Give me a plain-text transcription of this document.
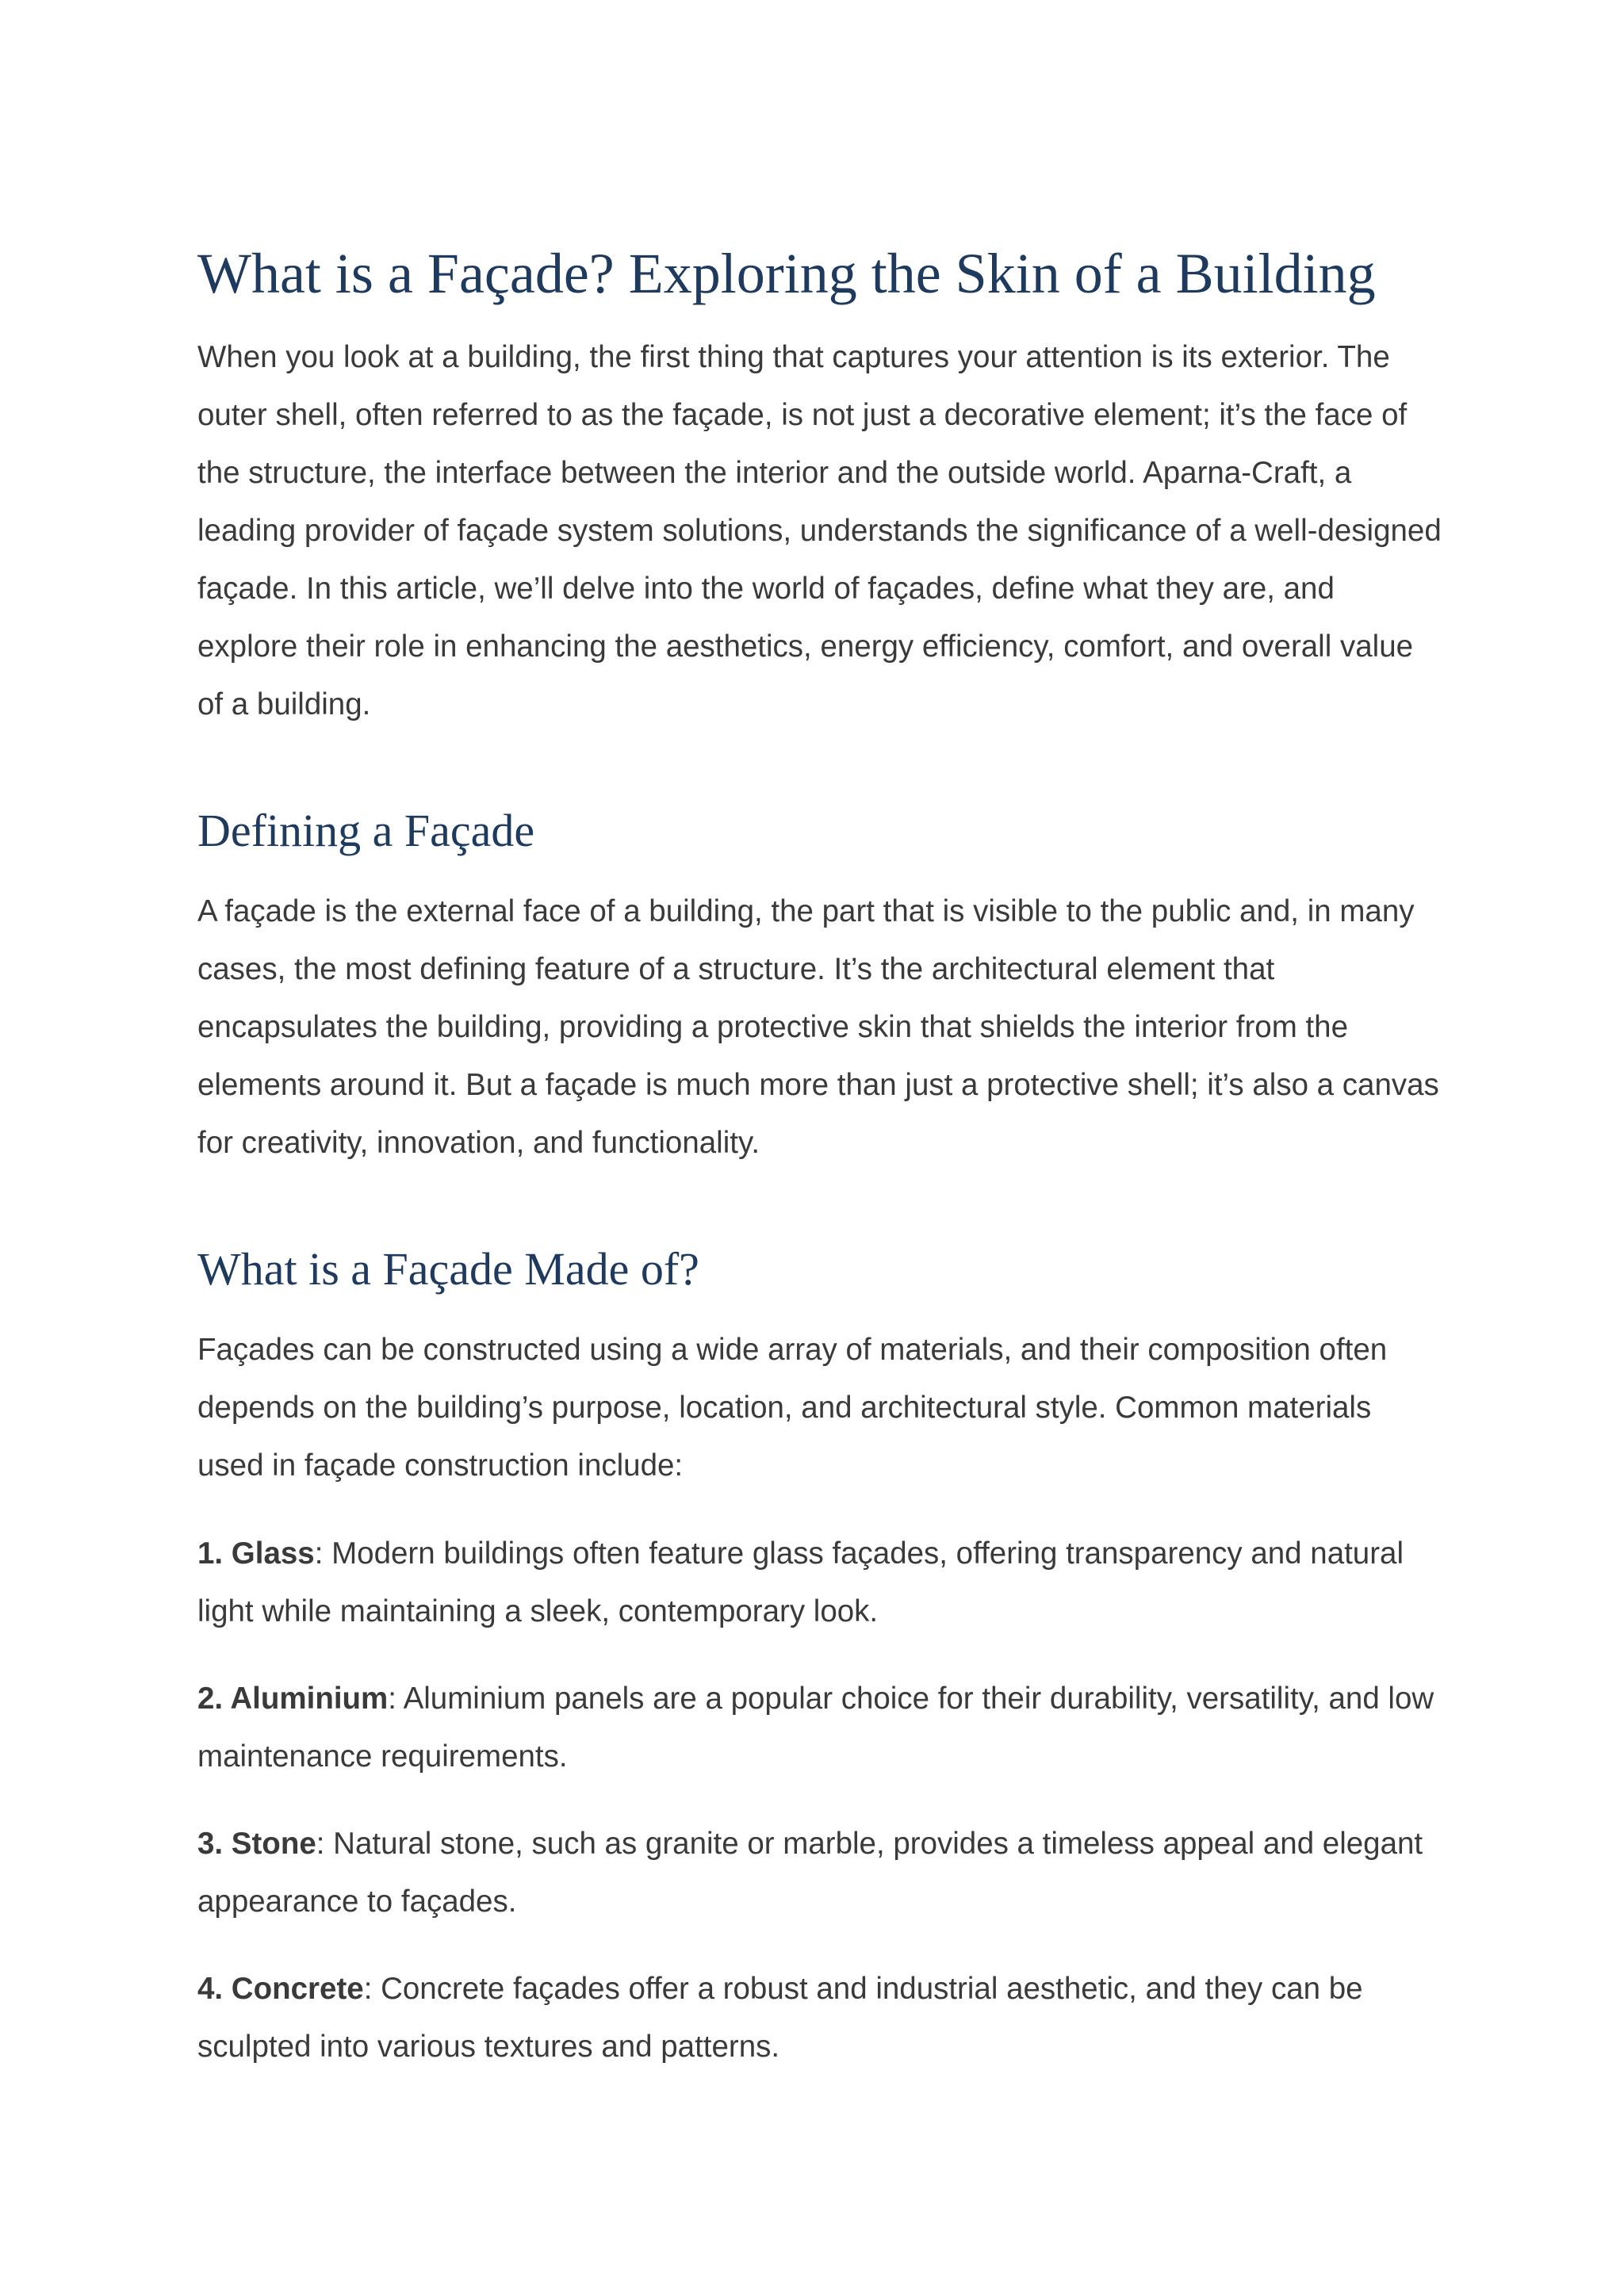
What is a Façade? Exploring the Skin of a Building

When you look at a building, the first thing that captures your attention is its exterior. The outer shell, often referred to as the façade, is not just a decorative element; it’s the face of the structure, the interface between the interior and the outside world. Aparna-Craft, a leading provider of façade system solutions, understands the significance of a well-designed façade. In this article, we’ll delve into the world of façades, define what they are, and explore their role in enhancing the aesthetics, energy efficiency, comfort, and overall value of a building.

Defining a Façade

A façade is the external face of a building, the part that is visible to the public and, in many cases, the most defining feature of a structure. It’s the architectural element that encapsulates the building, providing a protective skin that shields the interior from the elements around it. But a façade is much more than just a protective shell; it’s also a canvas for creativity, innovation, and functionality.

What is a Façade Made of?

Façades can be constructed using a wide array of materials, and their composition often depends on the building’s purpose, location, and architectural style. Common materials used in façade construction include:

1. Glass: Modern buildings often feature glass façades, offering transparency and natural light while maintaining a sleek, contemporary look.

2. Aluminium: Aluminium panels are a popular choice for their durability, versatility, and low maintenance requirements.

3. Stone: Natural stone, such as granite or marble, provides a timeless appeal and elegant appearance to façades.

4. Concrete: Concrete façades offer a robust and industrial aesthetic, and they can be sculpted into various textures and patterns.
